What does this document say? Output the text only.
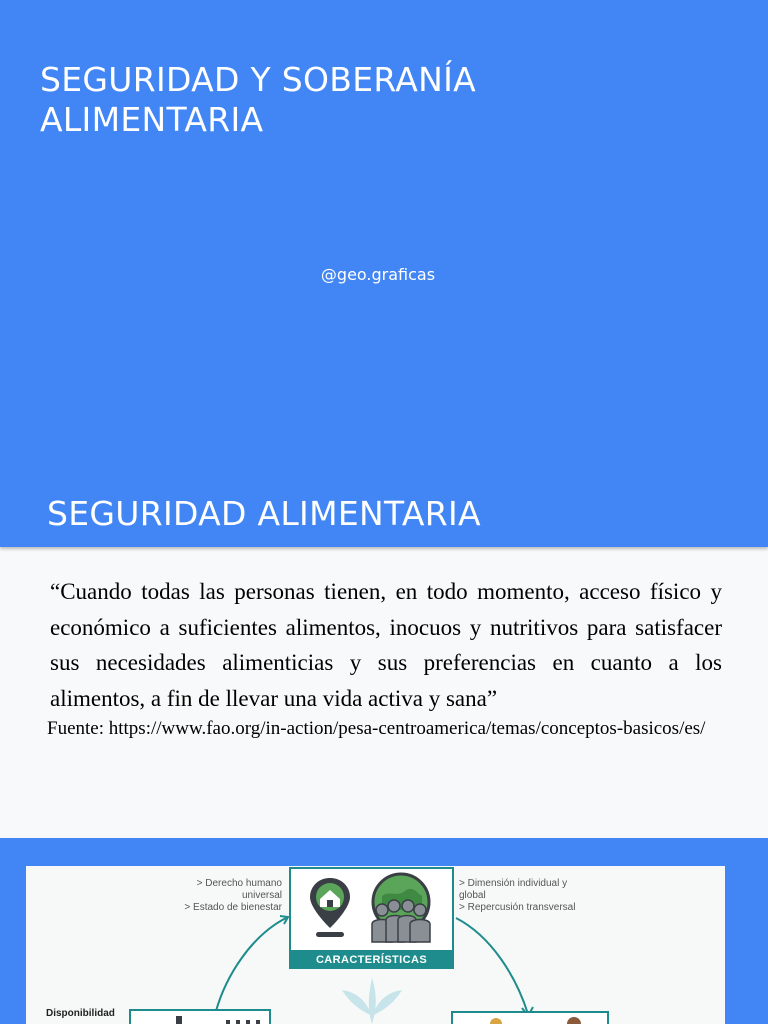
SEGURIDAD Y SOBERANÍA ALIMENTARIA
@geo.graficas
SEGURIDAD ALIMENTARIA

“Cuando todas las personas tienen, en todo momento, acceso físico y económico a suficientes alimentos, inocuos y nutritivos para satisfacer sus necesidades alimenticias y sus preferencias en cuanto a los alimentos, a fin de llevar una vida activa y sana”

Fuente: https://www.fao.org/in-action/pesa-centroamerica/temas/conceptos-basicos/es/
> Derecho humano
universal
> Estado de bienestar
> Dimensión individual y
global
> Repercusión transversal
CARACTERÍSTICAS
Disponibilidad
